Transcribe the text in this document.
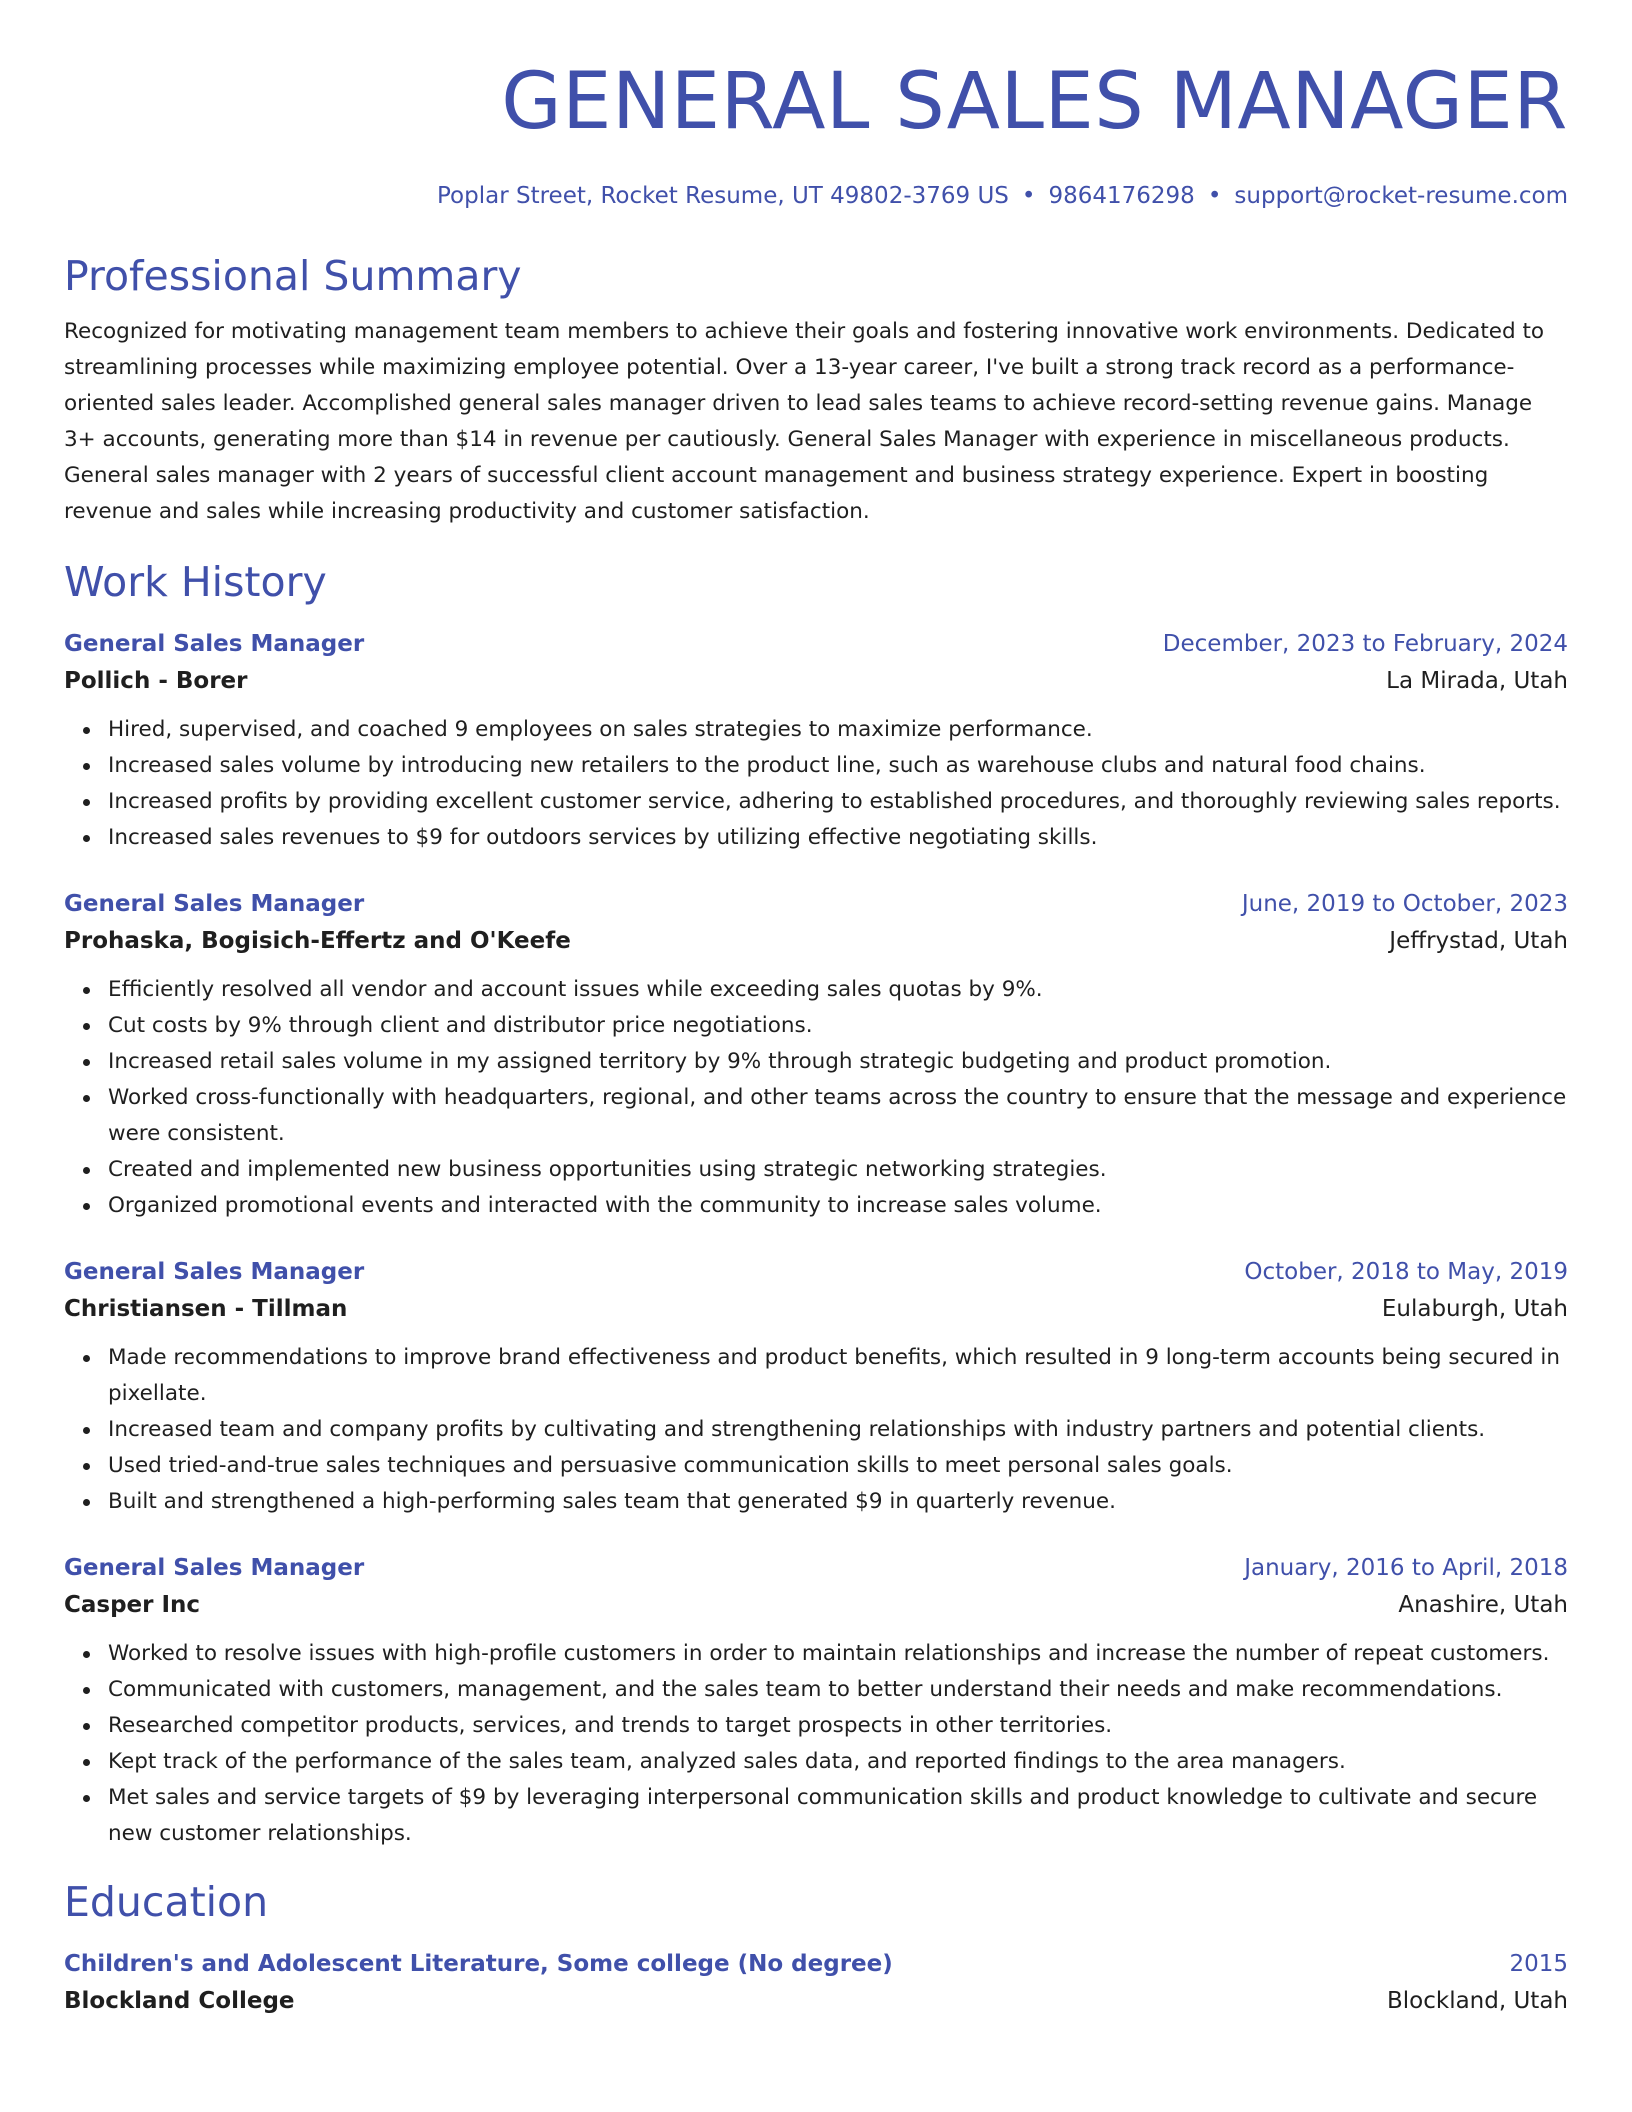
GENERAL SALES MANAGER
Poplar Street, Rocket Resume, UT 49802-3769 US • 9864176298 • support@rocket-resume.com
Professional Summary
Recognized for motivating management team members to achieve their goals and fostering innovative work environments. Dedicated to streamlining processes while maximizing employee potential. Over a 13-year career, I've built a strong track record as a performance-oriented sales leader. Accomplished general sales manager driven to lead sales teams to achieve record-setting revenue gains. Manage 3+ accounts, generating more than $14 in revenue per cautiously. General Sales Manager with experience in miscellaneous products. General sales manager with 2 years of successful client account management and business strategy experience. Expert in boosting revenue and sales while increasing productivity and customer satisfaction.
Work History
General Sales Manager	December, 2023 to February, 2024
Pollich - Borer	La Mirada, Utah
Hired, supervised, and coached 9 employees on sales strategies to maximize performance.
Increased sales volume by introducing new retailers to the product line, such as warehouse clubs and natural food chains.
Increased profits by providing excellent customer service, adhering to established procedures, and thoroughly reviewing sales reports.
Increased sales revenues to $9 for outdoors services by utilizing effective negotiating skills.
General Sales Manager	June, 2019 to October, 2023
Prohaska, Bogisich-Effertz and O'Keefe	Jeffrystad, Utah
Efficiently resolved all vendor and account issues while exceeding sales quotas by 9%.
Cut costs by 9% through client and distributor price negotiations.
Increased retail sales volume in my assigned territory by 9% through strategic budgeting and product promotion.
Worked cross-functionally with headquarters, regional, and other teams across the country to ensure that the message and experience were consistent.
Created and implemented new business opportunities using strategic networking strategies.
Organized promotional events and interacted with the community to increase sales volume.
General Sales Manager	October, 2018 to May, 2019
Christiansen - Tillman	Eulaburgh, Utah
Made recommendations to improve brand effectiveness and product benefits, which resulted in 9 long-term accounts being secured in pixellate.
Increased team and company profits by cultivating and strengthening relationships with industry partners and potential clients.
Used tried-and-true sales techniques and persuasive communication skills to meet personal sales goals.
Built and strengthened a high-performing sales team that generated $9 in quarterly revenue.
General Sales Manager	January, 2016 to April, 2018
Casper Inc	Anashire, Utah
Worked to resolve issues with high-profile customers in order to maintain relationships and increase the number of repeat customers.
Communicated with customers, management, and the sales team to better understand their needs and make recommendations.
Researched competitor products, services, and trends to target prospects in other territories.
Kept track of the performance of the sales team, analyzed sales data, and reported findings to the area managers.
Met sales and service targets of $9 by leveraging interpersonal communication skills and product knowledge to cultivate and secure new customer relationships.
Education
Children's and Adolescent Literature, Some college (No degree)	2015
Blockland College	Blockland, Utah
